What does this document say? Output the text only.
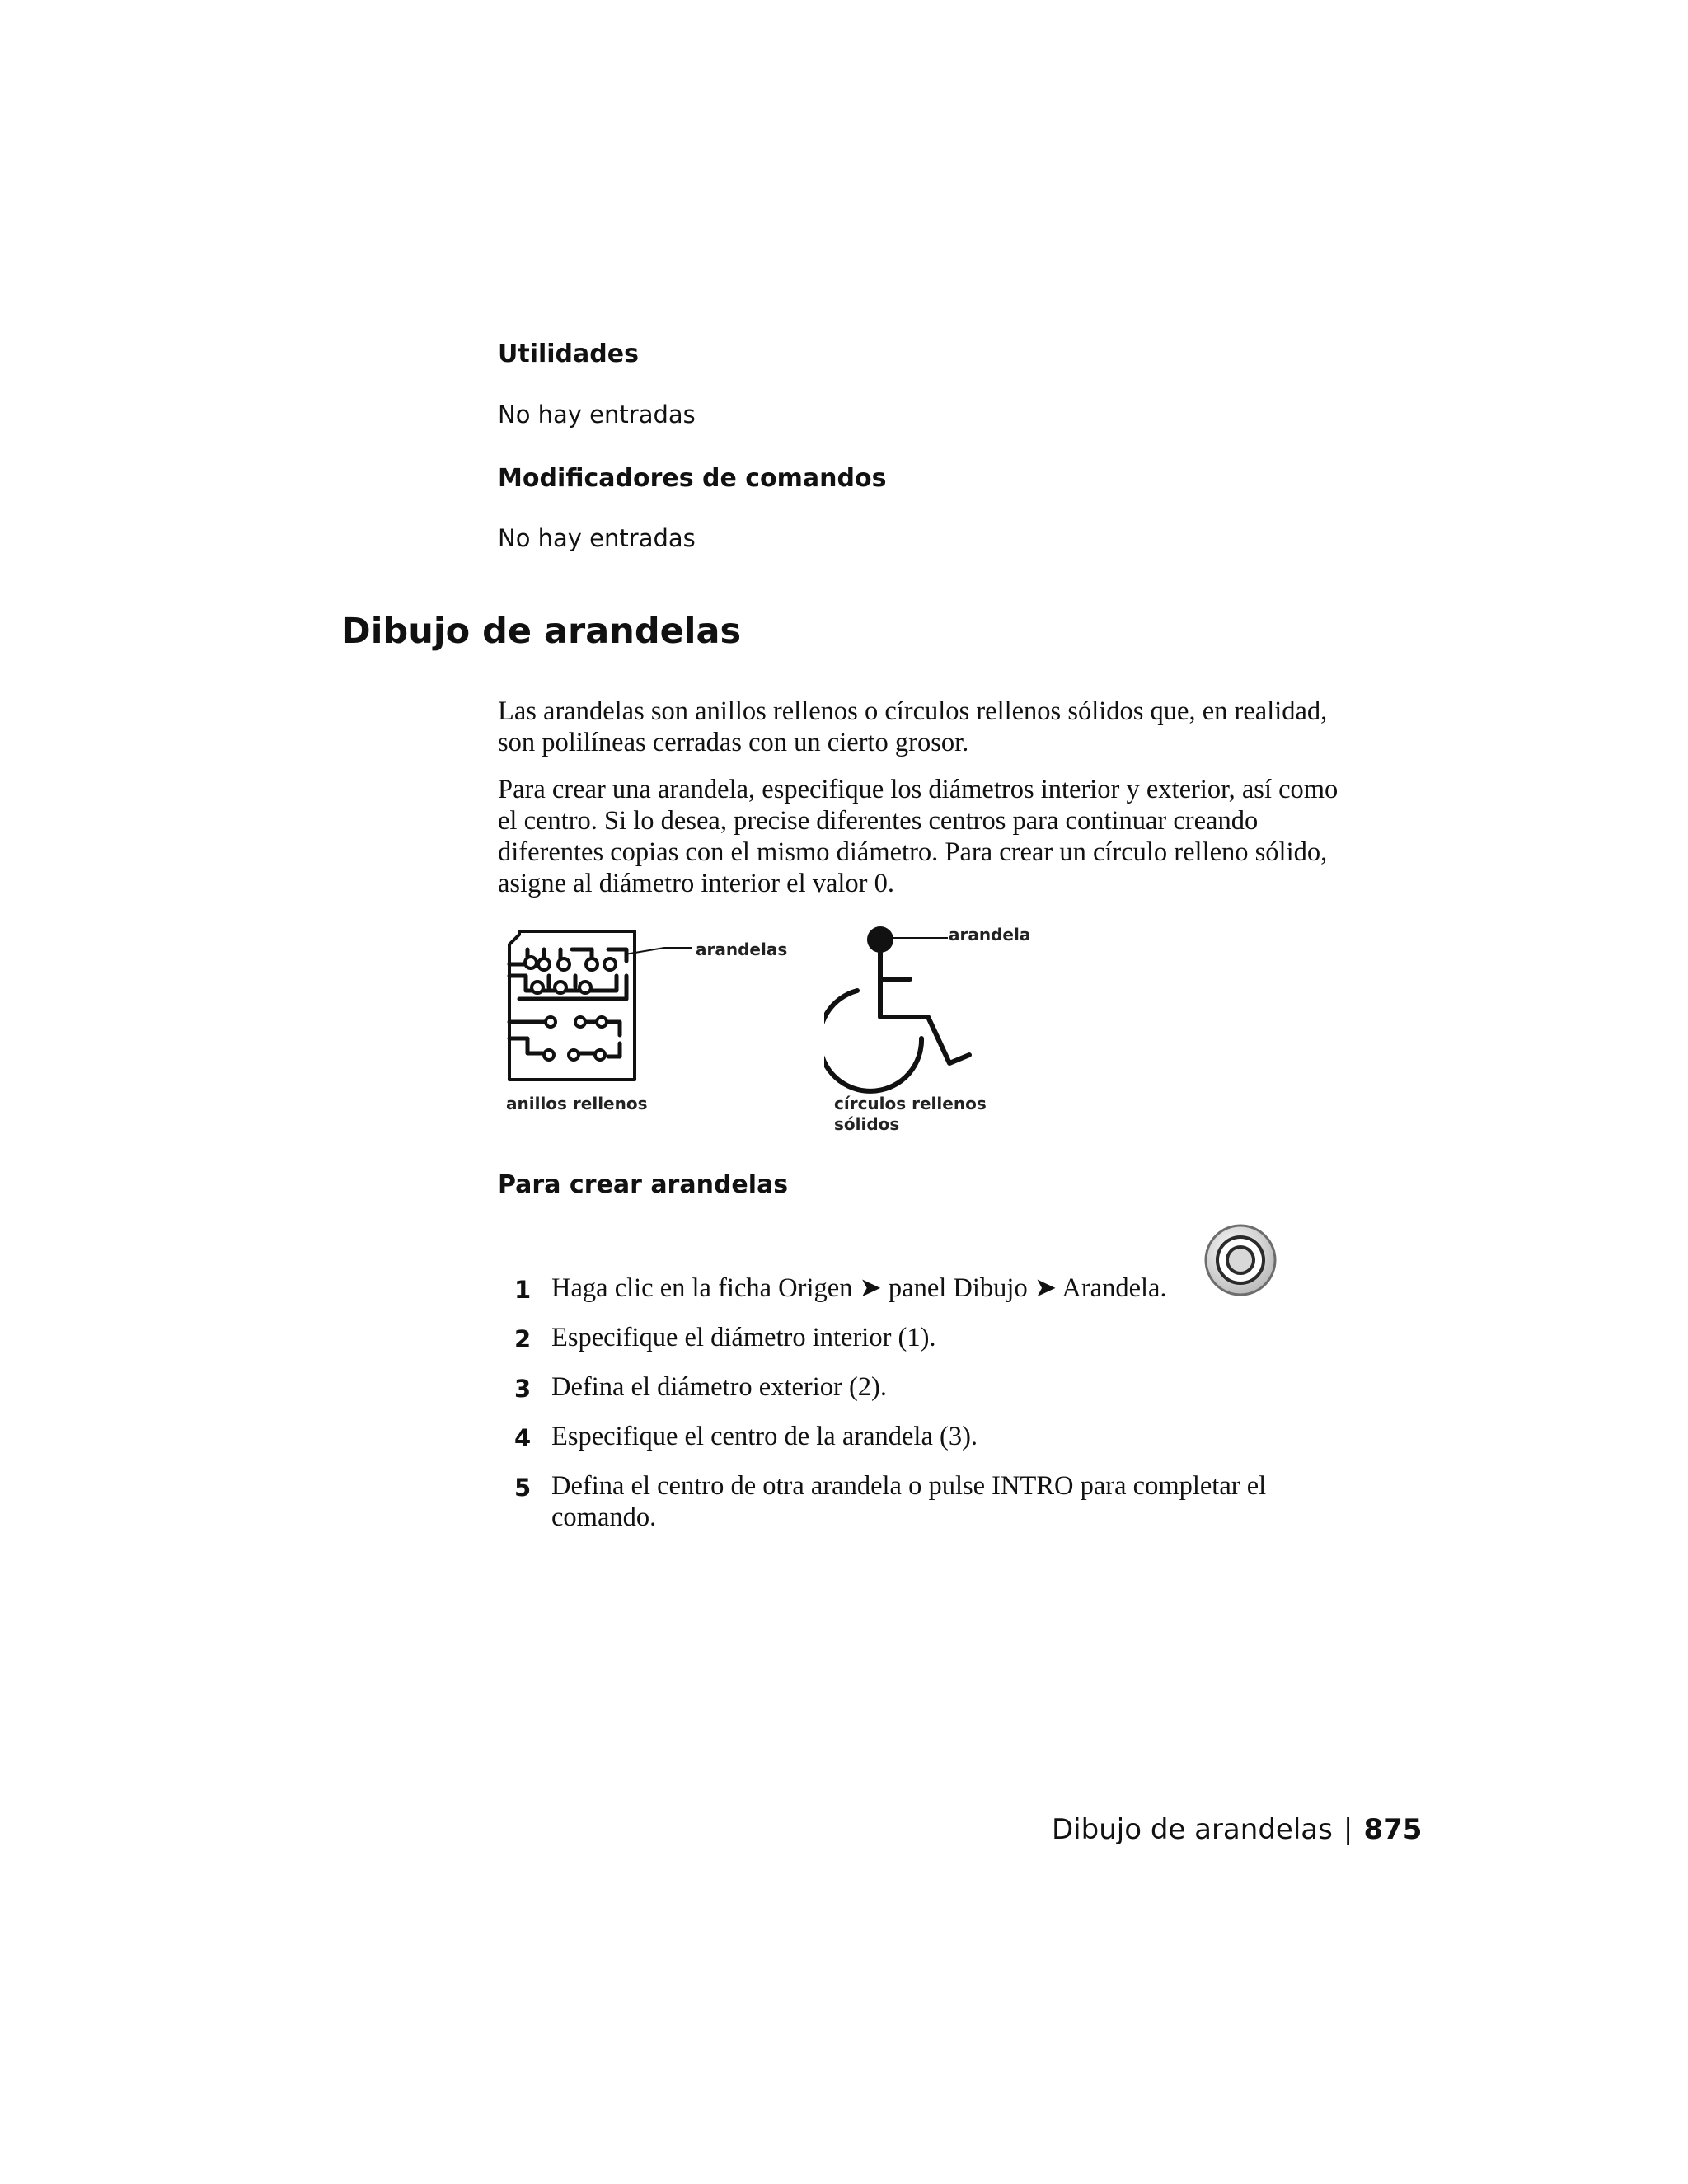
Utilidades
No hay entradas
Modificadores de comandos
No hay entradas
Dibujo de arandelas

Las arandelas son anillos rellenos o círculos rellenos sólidos que, en realidad,

son polilíneas cerradas con un cierto grosor.

Para crear una arandela, especifique los diámetros interior y exterior, así como

el centro. Si lo desea, precise diferentes centros para continuar creando

diferentes copias con el mismo diámetro. Para crear un círculo relleno sólido,

asigne al diámetro interior el valor 0.

arandelas
anillos rellenos
arandela
círculos rellenos
sólidos
Para crear arandelas
1 Haga clic en la ficha Origen ➤ panel Dibujo ➤ Arandela.
2 Especifique el diámetro interior (1).
3 Defina el diámetro exterior (2).
4 Especifique el centro de la arandela (3).
5 Defina el centro de otra arandela o pulse INTRO para completar el
comando.
Dibujo de arandelas | 875
